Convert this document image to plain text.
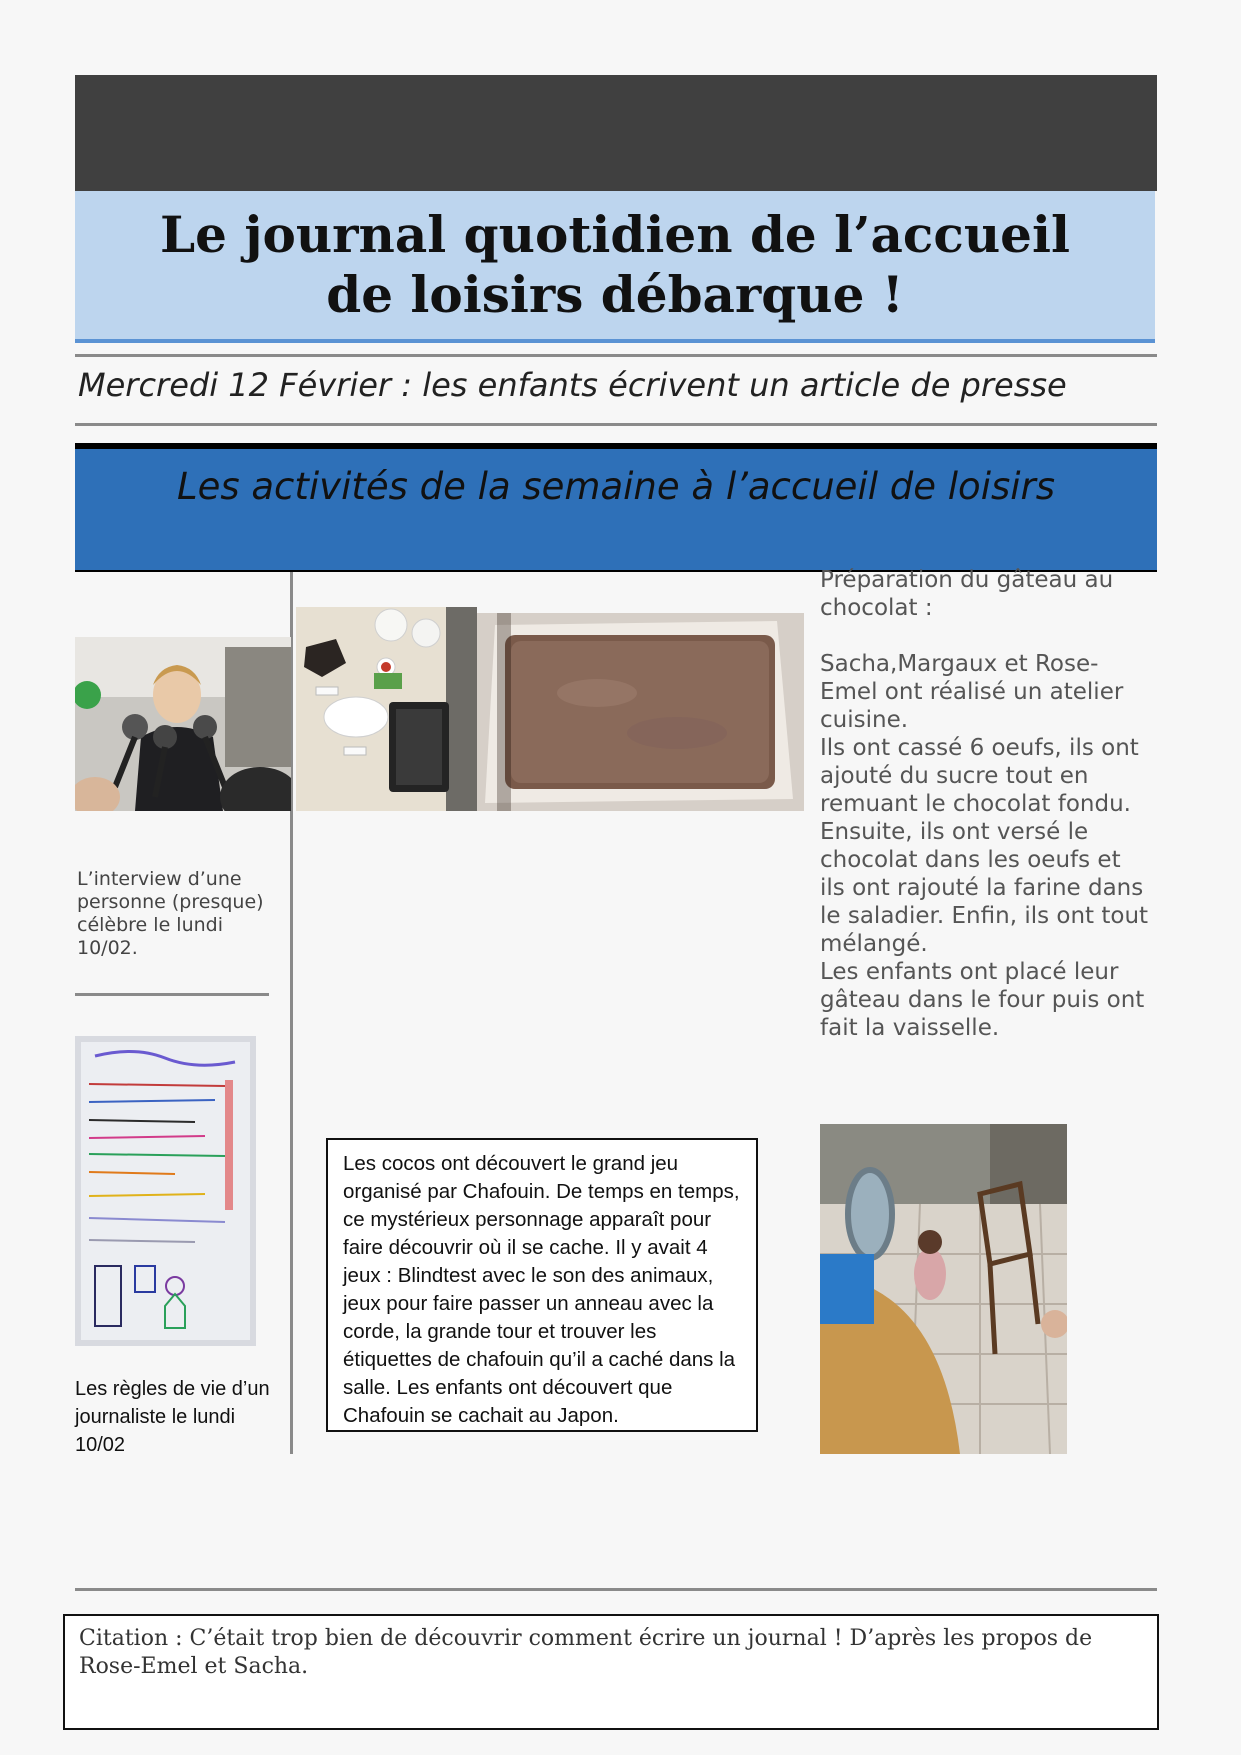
Le journal quotidien de l’accueil de loisirs débarque !
Mercredi 12 Février : les enfants écrivent un article de presse
Les activités de la semaine à l’accueil de loisirs
L’interview d’une personne (presque) célèbre le lundi 10/02.
Les règles de vie d’un journaliste le lundi 10/02

Préparation du gâteau au chocolat :

Sacha,Margaux et Rose-Emel ont réalisé un atelier cuisine.

Ils ont cassé 6 oeufs, ils ont ajouté du sucre tout en remuant le chocolat fondu.

Ensuite, ils ont versé le chocolat dans les oeufs et ils ont rajouté la farine dans le saladier. Enfin, ils ont tout mélangé.

Les enfants ont placé leur gâteau dans le four puis ont fait la vaisselle.

Les cocos ont découvert le grand jeu organisé par Chafouin. De temps en temps, ce mystérieux personnage apparaît pour faire découvrir où il se cache. Il y avait 4 jeux : Blindtest avec le son des animaux, jeux pour faire passer un anneau avec la corde, la grande tour et trouver les étiquettes de chafouin qu’il a caché dans la salle. Les enfants ont découvert que Chafouin se cachait au Japon.
Citation : C’était trop bien de découvrir comment écrire un journal ! D’après les propos de Rose-Emel et Sacha.
